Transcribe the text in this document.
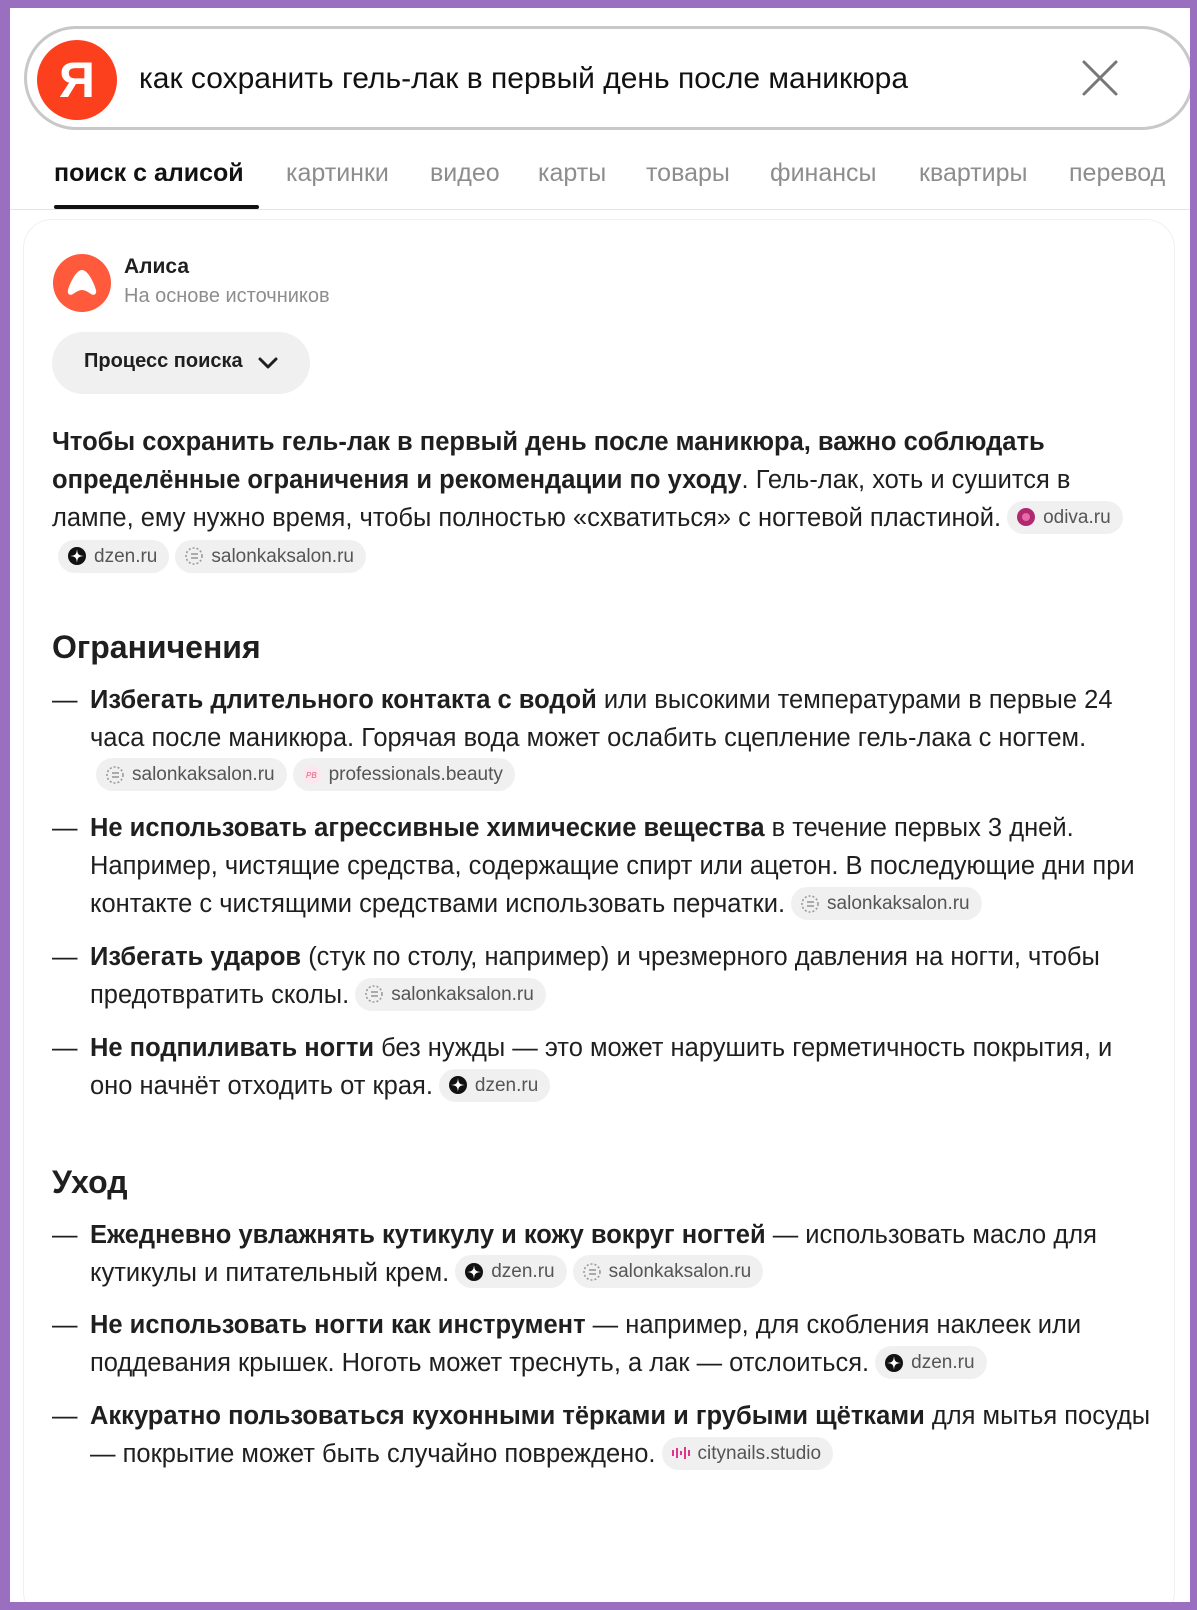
Я	как сохранить гель-лак в первый день после маникюра
поиск с алисой картинки видео карты товары финансы квартиры перевод
Алиса
На основе источников
Процесс поиска

Чтобы сохранить гель-лак в первый день после маникюра, важно соблюдать определённые ограничения и рекомендации по уходу. Гель-лак, хоть и сушится в лампе, ему нужно время, чтобы полностью «схватиться» с ногтевой пластиной. odiva.ru
dzen.ru	salonkaksalon.ru

Ограничения
— Избегать длительного контакта с водой или высокими температурами в первые 24 часа после маникюра. Горячая вода может ослабить сцепление гель-лака с ногтем.
salonkaksalon.ru	PB professionals.beauty
— Не использовать агрессивные химические вещества в течение первых 3 дней. Например, чистящие средства, содержащие спирт или ацетон. В последующие дни при контакте с чистящими средствами использовать перчатки. salonkaksalon.ru
— Избегать ударов (стук по столу, например) и чрезмерного давления на ногти, чтобы предотвратить сколы. salonkaksalon.ru
— Не подпиливать ногти без нужды — это может нарушить герметичность покрытия, и оно начнёт отходить от края. dzen.ru
Уход
— Ежедневно увлажнять кутикулу и кожу вокруг ногтей — использовать масло для кутикулы и питательный крем. dzen.ru	salonkaksalon.ru
— Не использовать ногти как инструмент — например, для скобления наклеек или поддевания крышек. Ноготь может треснуть, а лак — отслоиться. dzen.ru
— Аккуратно пользоваться кухонными тёрками и грубыми щётками для мытья посуды — покрытие может быть случайно повреждено. citynails.studio
